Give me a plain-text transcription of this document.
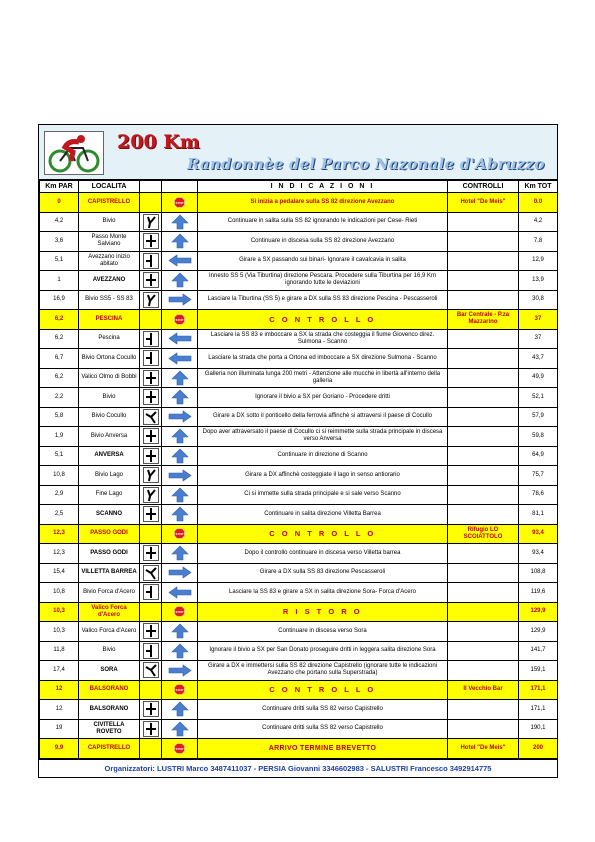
200 Km
Randonnèe del Parco Nazonale d'Abruzzo
Km PAR	LOCALITA			I N D I C A Z I O N I	CONTROLLI	Km TOT
0	CAPISTRELLO		STOP	Si inizia a pedalare sulla SS 82 direzione Avezzano	Hotel "De Meis"	0.0
4,2	Bivio			Continuare in salita sulla SS 82 ignorando le indicazioni per Cese- Rieti		4,2
3,6	Passo Monte Salviano			Continuare in discesa sulla SS 82 direzione Avezzano		7,8
5,1	Avezzano inizio abitato			Girare a SX passando sui binari- Ignorare il cavalcavia in salita		12,9
1	AVEZZANO			Innesto SS 5 (Via Tiburtina) direzione Pescara. Procedere sulla Tiburtina per 16,9 Km ignorando tutte le deviazioni		13,9
16,9	Bivio SS5 - SS 83			Lasciare la Tiburtina (SS 5) e girare a DX sulla SS 83 direzione Pescina - Pescasseroli		30,8
6,2	PESCINA		STOP	C O N T R O L L O	Bar Centrale - P.za Mazzarino	37
6,2	Pescina			Lasciare la SS 83 e imboccare a SX la strada che costeggia il fiume Giovenco direz. Sulmona - Scanno		37
6,7	Bivio Ortona Cocullo			Lasciare la strada che porta a Ortona ed imboccare a SX direzione Sulmona - Scanno		43,7
6,2	Valico Olmo di Bobbi			Galleria non illuminata lunga 200 metri - Attenzione alle mucche in libertà all'interno della galleria		49,9
2,2	Bivio			Ignorare il bivio a SX per Goriano - Procedere dritti		52,1
5,8	Bivio Cocullo			Girare a DX sotto il ponticello della ferrovia affinchè si attraversi il paese di Cocullo		57,9
1,9	Bivio Anversa			Dopo aver attraversato il paese di Cocullo ci si reimmette sulla strada principale in discesa verso Anversa		59,8
5,1	ANVERSA			Continuare in direzione di Scanno		64,9
10,8	Bivio Lago			Girare a DX affinchè costeggiate il lago in senso antiorario		75,7
2,9	Fine Lago			Ci si immette sulla strada principale e si sale verso Scanno		78,6
2,5	SCANNO			Continuare in salita direzione Villetta Barrea		81,1
12,3	PASSO GODI		STOP	C O N T R O L L O	Rifugio LO SCOIATTOLO	93,4
12,3	PASSO GODI			Dopo il controllo continuare in discesa verso Villetta barrea		93,4
15,4	VILLETTA BARREA			Girare a DX sulla SS 83 direzione Pescasseroli		108,8
10,8	Bivio Forca d'Acero			Lasciare la SS 83 e girare a SX in salita direzione Sora- Forca d'Acero		119,6
10,3	Valico Forca d'Acero		STOP	R I S T O R O		129,9
10,3	Valico Forca d'Acero			Continuare in discesa verso Sora		129,9
11,8	Bivio			Ignorare il bivio a SX per San Donato proseguire dritti in leggera salita direzione Sora		141,7
17,4	SORA			Girare a DX e immettersi sulla SS 82 direzione Capistrello (ignorare tutte le indicazioni Avezzano che portano sulla Superstrada)		159,1
12	BALSORANO		STOP	C O N T R O L L O	Il Vecchio Bar	171,1
12	BALSORANO			Continuare dritti sulla SS 82 verso Capistrello		171,1
19	CIVITELLA ROVETO			Continuare dritti sulla SS 82 verso Capistrello		190,1
9,9	CAPISTRELLO		STOP	ARRIVO TERMINE BREVETTO	Hotel "De Meis"	200
Organizzatori: LUSTRI Marco 3487411037 - PERSIA Giovanni 3346602983 - SALUSTRI Francesco 3492914775
